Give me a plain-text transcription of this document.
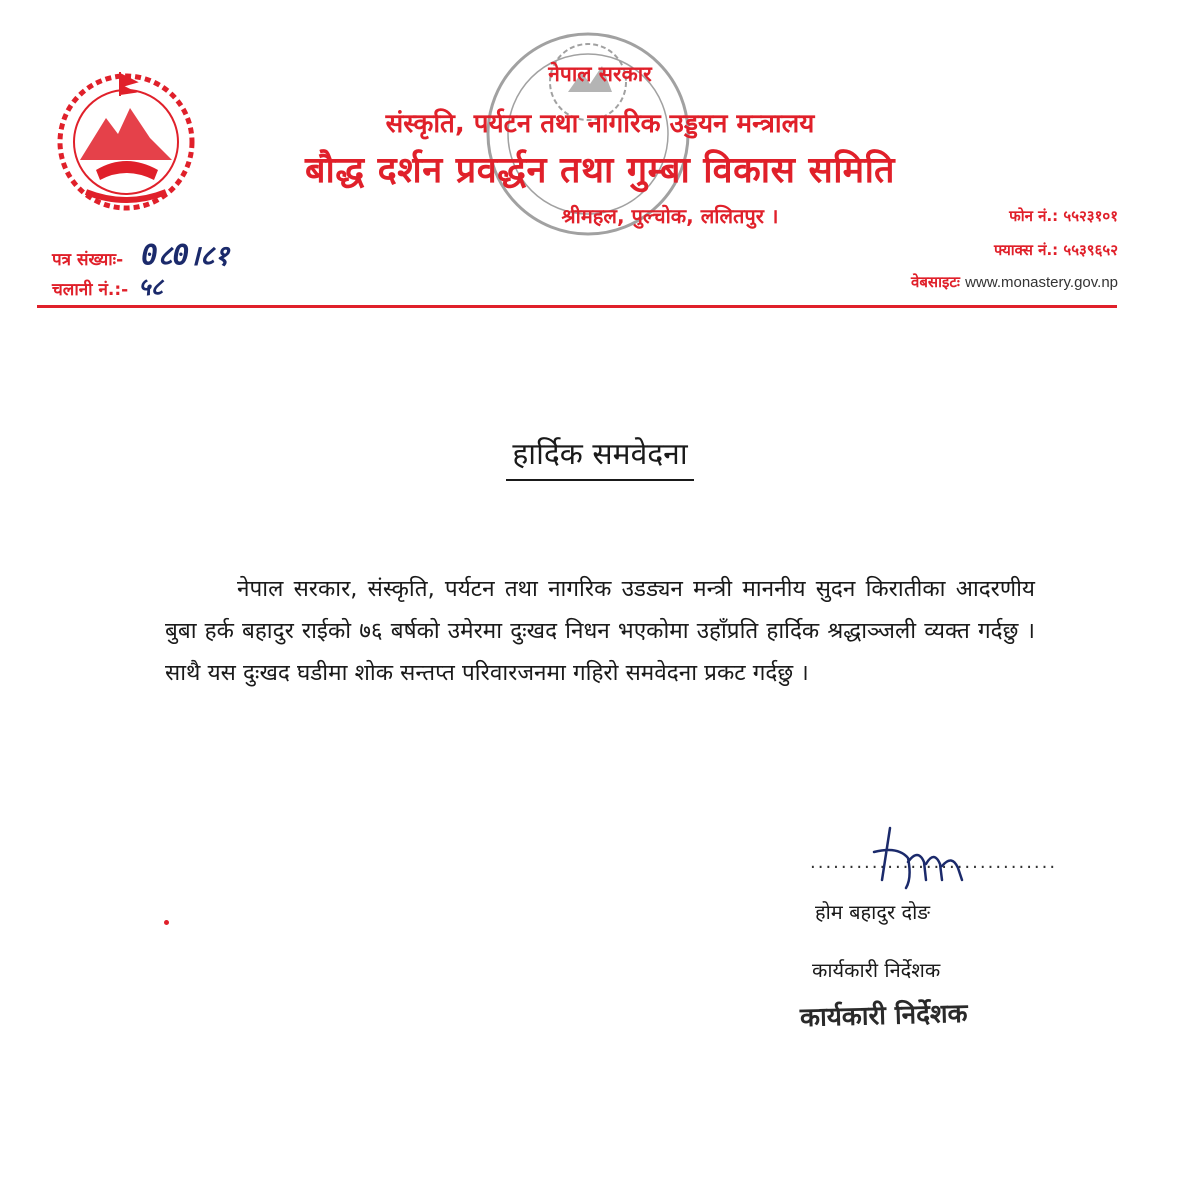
नेपाल सरकार
संस्कृति, पर्यटन तथा नागरिक उड्डयन मन्त्रालय
बौद्ध दर्शन प्रवर्द्धन तथा गुम्बा विकास समिति
श्रीमहल, पुल्चोक, ललितपुर ।
पत्र संख्याः- 0८0।८१
चलानी नं.:- ५८
फोन नं.: ५५२३१०१
फ्याक्स नं.: ५५३९६५२
वेबसाइटः www.monastery.gov.np
हार्दिक समवेदना
नेपाल सरकार, संस्कृति, पर्यटन तथा नागरिक उडड्यन मन्त्री माननीय सुदन किरातीका आदरणीय बुबा हर्क बहादुर राईको ७६ बर्षको उमेरमा दुःखद निधन भएकोमा उहाँप्रति हार्दिक श्रद्धाञ्जली व्यक्त गर्दछु । साथै यस दुःखद घडीमा शोक सन्तप्त परिवारजनमा गहिरो समवेदना प्रकट गर्दछु ।
................................
होम बहादुर दोङ
कार्यकारी निर्देशक
कार्यकारी निर्देशक
